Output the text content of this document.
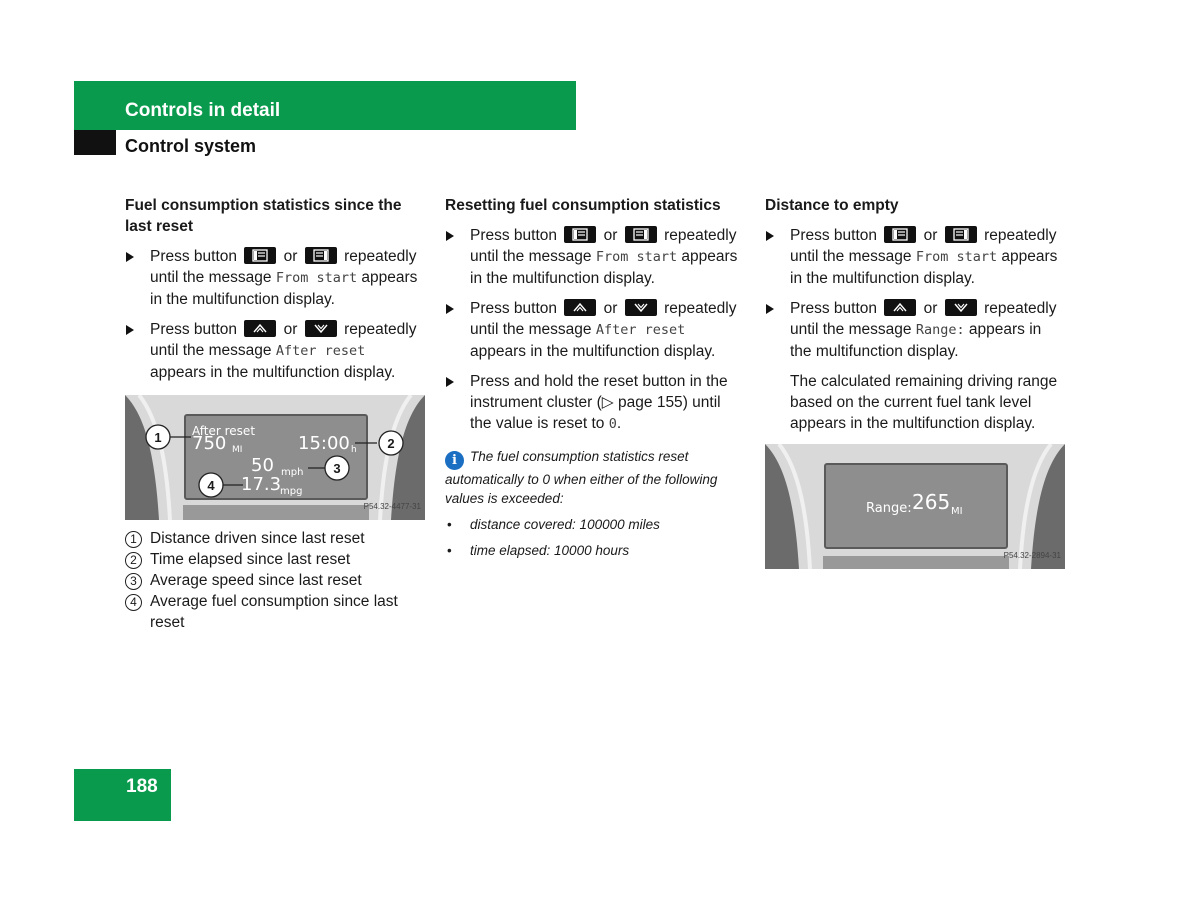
Controls in detail
Control system
Fuel consumption statistics since the last reset
Press button	or	repeatedly until the message From start appears in the multifunction display.
Press button	or	repeatedly until the message After reset appears in the multifunction display.
After reset
750 MI	15:00 h
50 mph
17.3
mpg
1	2
3
4
P54.32-4477-31
1 Distance driven since last reset
2 Time elapsed since last reset
3 Average speed since last reset
4 Average fuel consumption since last reset
Resetting fuel consumption statistics
Press button	or	repeatedly until the message From start appears in the multifunction display.
Press button	or	repeatedly until the message After reset appears in the multifunction display.
Press and hold the reset button in the instrument cluster (▷ page 155) until the value is reset to 0.
i The fuel consumption statistics reset automatically to 0 when either of the following values is exceeded:
• distance covered: 100000 miles
• time elapsed: 10000 hours
Distance to empty
Press button	or	repeatedly until the message From start appears in the multifunction display.
Press button	or	repeatedly until the message Range: appears in the multifunction display.
The calculated remaining driving range based on the current fuel tank level appears in the multifunction display.
Range: 265 MI
P54.32-2894-31
188
